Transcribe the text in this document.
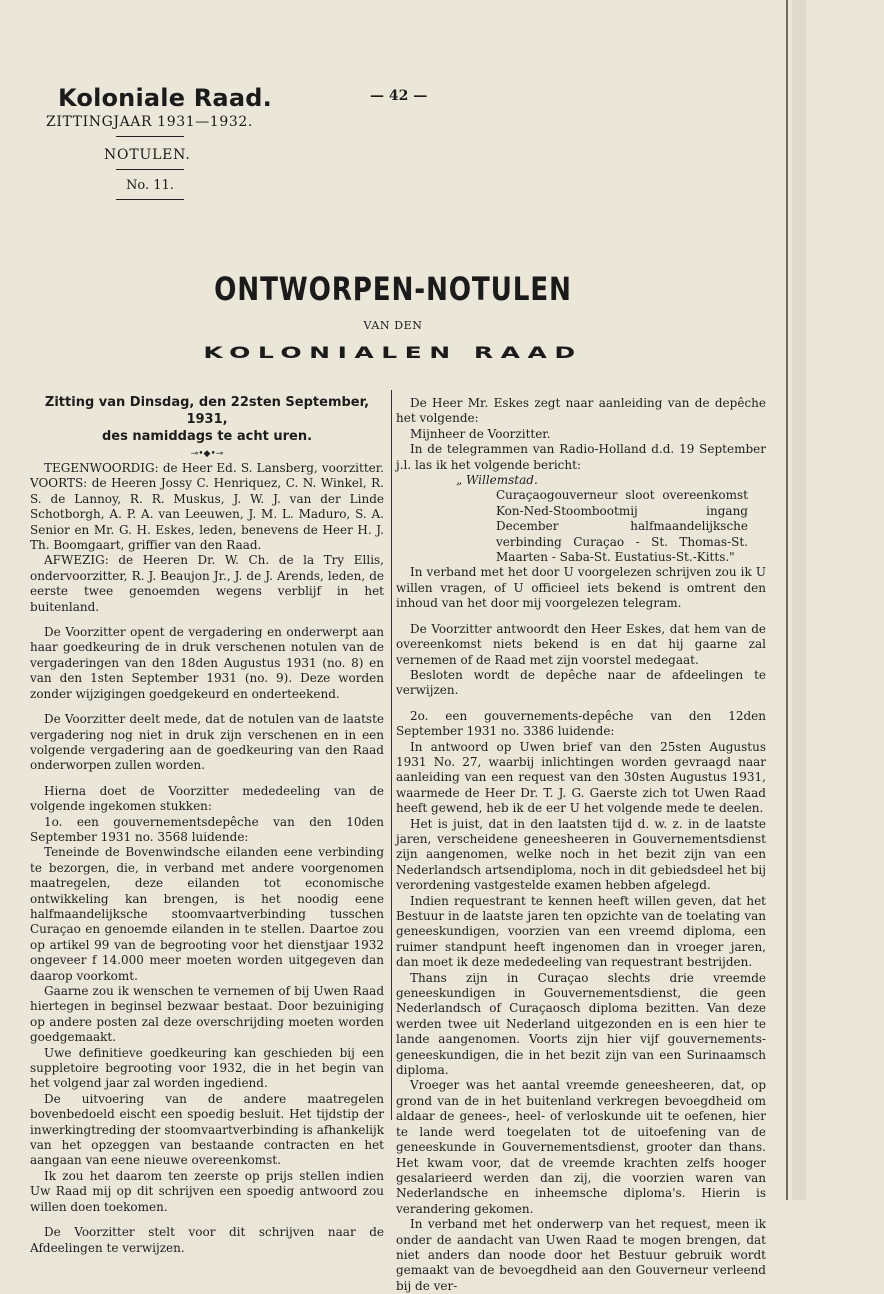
Koloniale Raad.
ZITTINGJAAR 1931—1932.
— 42 —
NOTULEN.
No. 11.
ONTWORPEN-NOTULEN
VAN DEN
KOLONIALEN RAAD

Zitting van Dinsdag, den 22sten September, 1931,

des namiddags te acht uren.

⊸•◆•⊸

TEGENWOORDIG: de Heer Ed. S. Lansberg, voorzitter. VOORTS: de Heeren Jossy C. Henriquez, C. N. Winkel, R. S. de Lannoy, R. R. Muskus, J. W. J. van der Linde Schotborgh, A. P. A. van Leeuwen, J. M. L. Maduro, S. A. Senior en Mr. G. H. Eskes, leden, benevens de Heer H. J. Th. Boomgaart, griffier van den Raad.

AFWEZIG: de Heeren Dr. W. Ch. de la Try Ellis, ondervoorzitter, R. J. Beaujon Jr., J. de J. Arends, leden, de eerste twee genoemden wegens verblijf in het buitenland.

De Voorzitter opent de vergadering en onderwerpt aan haar goedkeuring de in druk verschenen notulen van de vergaderingen van den 18den Augustus 1931 (no. 8) en van den 1sten September 1931 (no. 9). Deze worden zonder wijzigingen goedgekeurd en onderteekend.

De Voorzitter deelt mede, dat de notulen van de laatste vergadering nog niet in druk zijn verschenen en in een volgende vergadering aan de goedkeuring van den Raad onderworpen zullen worden.

Hierna doet de Voorzitter mededeeling van de volgende ingekomen stukken:

1o. een gouvernementsdepêche van den 10den September 1931 no. 3568 luidende:

Teneinde de Bovenwindsche eilanden eene verbinding te bezorgen, die, in verband met andere voorgenomen maatregelen, deze eilanden tot economische ontwikkeling kan brengen, is het noodig eene halfmaandelijksche stoomvaartverbinding tusschen Curaçao en genoemde eilanden in te stellen. Daartoe zou op artikel 99 van de begrooting voor het dienstjaar 1932 ongeveer f 14.000 meer moeten worden uitgegeven dan daarop voorkomt.

Gaarne zou ik wenschen te vernemen of bij Uwen Raad hiertegen in beginsel bezwaar bestaat. Door bezuiniging op andere posten zal deze overschrijding moeten worden goedgemaakt.

Uwe definitieve goedkeuring kan geschieden bij een suppletoire begrooting voor 1932, die in het begin van het volgend jaar zal worden ingediend.

De uitvoering van de andere maatregelen bovenbedoeld eischt een spoedig besluit. Het tijdstip der inwerkingtreding der stoomvaartverbinding is afhankelijk van het opzeggen van bestaande contracten en het aangaan van eene nieuwe overeenkomst.

Ik zou het daarom ten zeerste op prijs stellen indien Uw Raad mij op dit schrijven een spoedig antwoord zou willen doen toekomen.

De Voorzitter stelt voor dit schrijven naar de Afdeelingen te verwijzen.

De Heer Mr. Eskes zegt naar aanleiding van de depêche het volgende:

Mijnheer de Voorzitter.

In de telegrammen van Radio-Holland d.d. 19 September j.l. las ik het volgende bericht:

„ Willemstad.

Curaçaogouverneur sloot overeenkomst Kon-Ned-Stoombootmij ingang December halfmaandelijksche verbinding Curaçao - St. Thomas-St. Maarten - Saba-St. Eustatius-St.-Kitts."

In verband met het door U voorgelezen schrijven zou ik U willen vragen, of U officieel iets bekend is omtrent den inhoud van het door mij voorgelezen telegram.

De Voorzitter antwoordt den Heer Eskes, dat hem van de overeenkomst niets bekend is en dat hij gaarne zal vernemen of de Raad met zijn voorstel medegaat.

Besloten wordt de depêche naar de afdeelingen te verwijzen.

2o. een gouvernements-depêche van den 12den September 1931 no. 3386 luidende:

In antwoord op Uwen brief van den 25sten Augustus 1931 No. 27, waarbij inlichtingen worden gevraagd naar aanleiding van een request van den 30sten Augustus 1931, waarmede de Heer Dr. T. J. G. Gaerste zich tot Uwen Raad heeft gewend, heb ik de eer U het volgende mede te deelen.

Het is juist, dat in den laatsten tijd d. w. z. in de laatste jaren, verscheidene geneesheeren in Gouvernementsdienst zijn aangenomen, welke noch in het bezit zijn van een Nederlandsch artsendiploma, noch in dit gebiedsdeel het bij verordening vastgestelde examen hebben afgelegd.

Indien requestrant te kennen heeft willen geven, dat het Bestuur in de laatste jaren ten opzichte van de toelating van geneeskundigen, voorzien van een vreemd diploma, een ruimer standpunt heeft ingenomen dan in vroeger jaren, dan moet ik deze mededeeling van requestrant bestrijden.

Thans zijn in Curaçao slechts drie vreemde geneeskundigen in Gouvernementsdienst, die geen Nederlandsch of Curaçaosch diploma bezitten. Van deze werden twee uit Nederland uitgezonden en is een hier te lande aangenomen. Voorts zijn hier vijf gouvernements-geneeskundigen, die in het bezit zijn van een Surinaamsch diploma.

Vroeger was het aantal vreemde geneesheeren, dat, op grond van de in het buitenland verkregen bevoegdheid om aldaar de genees-, heel- of verloskunde uit te oefenen, hier te lande werd toegelaten tot de uitoefening van de geneeskunde in Gouvernementsdienst, grooter dan thans. Het kwam voor, dat de vreemde krachten zelfs hooger gesalarieerd werden dan zij, die voorzien waren van Nederlandsche en inheemsche diploma's. Hierin is verandering gekomen.

In verband met het onderwerp van het request, meen ik onder de aandacht van Uwen Raad te mogen brengen, dat niet anders dan noode door het Bestuur gebruik wordt gemaakt van de bevoegdheid aan den Gouverneur verleend bij de ver-
